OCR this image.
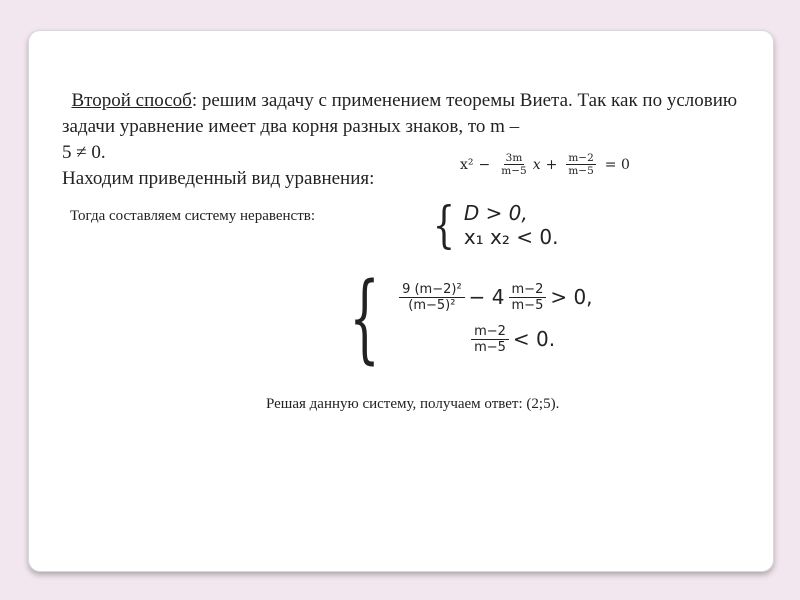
Второй способ: решим задачу с применением теоремы Виета. Так как по условию задачи уравнение имеет два корня разных знаков, то m –
5 ≠ 0.
Находим приведенный вид уравнения:
$x^2 - \frac{3m}{m-5}$ $x + \frac{m-2}{m-5} = 0$
Тогда составляем систему неравенств: { D > 0,
x₁ x₂ < 0.
{ $\frac{\text{9 (m−2)²}}{\text{(m−5)²}} - 4 \frac{m-2}{m-5} > 0$,
$\frac{m-2}{m-5} < 0$.
Решая данную систему, получаем ответ: (2;5).
